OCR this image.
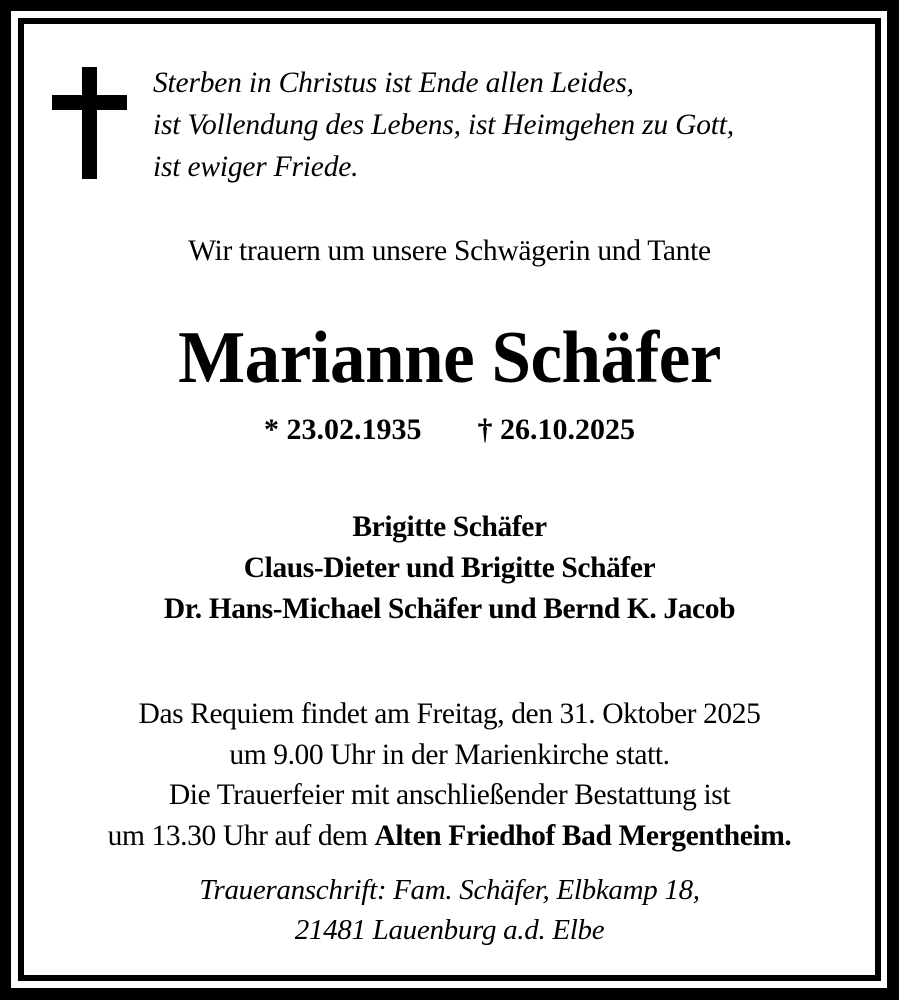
Sterben in Christus ist Ende allen Leides,
ist Vollendung des Lebens, ist Heimgehen zu Gott,
ist ewiger Friede.
Wir trauern um unsere Schwägerin und Tante
Marianne Schäfer
* 23.02.1935 † 26.10.2025
Brigitte Schäfer
Claus-Dieter und Brigitte Schäfer
Dr. Hans-Michael Schäfer und Bernd K. Jacob
Das Requiem findet am Freitag, den 31. Oktober 2025
um 9.00 Uhr in der Marienkirche statt.
Die Trauerfeier mit anschließender Bestattung ist
um 13.30 Uhr auf dem Alten Friedhof Bad Mergentheim.
Traueranschrift: Fam. Schäfer, Elbkamp 18,
21481 Lauenburg a.d. Elbe
